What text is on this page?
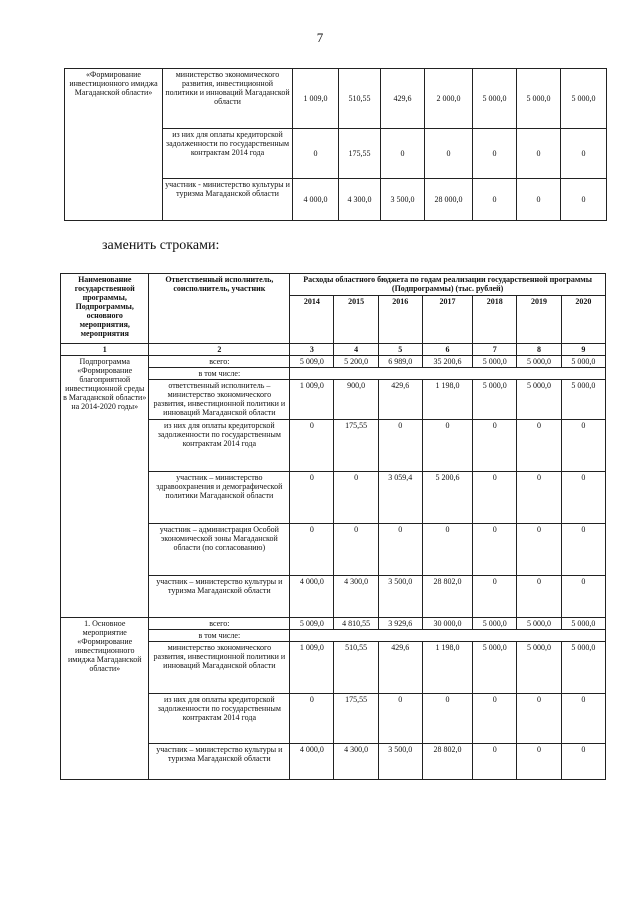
7
«Формирование инвестиционного имиджа Магаданской области»	министерство экономического развития, инвестиционной политики и инноваций Магаданской области	1 009,0	510,55	429,6	2 000,0	5 000,0	5 000,0	5 000,0
	из них для оплаты кредиторской задолженности по государственным контрактам 2014 года	0	175,55	0	0	0	0	0
	участник - министерство культуры и туризма Магаданской области	4 000,0	4 300,0	3 500,0	28 000,0	0	0	0
заменить строками:
Наименование государственной программы, Подпрограммы, основного мероприятия, мероприятия	Ответственный исполнитель, соисполнитель, участник	Расходы областного бюджета по годам реализации государственной программы (Подпрограммы) (тыс. рублей)						
		2014	2015	2016	2017	2018	2019	2020
1	2	3	4	5	6	7	8	9
Подпрограмма «Формирование благоприятной инвестиционной среды в Магаданской области» на 2014-2020 годы»	всего:	5 009,0	5 200,0	6 989,0	35 200,6	5 000,0	5 000,0	5 000,0
	в том числе:							
	ответственный исполнитель – министерство экономического развития, инвестиционной политики и инноваций Магаданской области	1 009,0	900,0	429,6	1 198,0	5 000,0	5 000,0	5 000,0
	из них для оплаты кредиторской задолженности по государственным контрактам 2014 года	0	175,55	0	0	0	0	0
	участник – министерство здравоохранения и демографической политики Магаданской области	0	0	3 059,4	5 200,6	0	0	0
	участник – администрация Особой экономической зоны Магаданской области (по согласованию)	0	0	0	0	0	0	0
	участник – министерство культуры и туризма Магаданской области	4 000,0	4 300,0	3 500,0	28 802,0	0	0	0
1. Основное мероприятие «Формирование инвестиционного имиджа Магаданской области»	всего:	5 009,0	4 810,55	3 929,6	30 000,0	5 000,0	5 000,0	5 000,0
	в том числе:							
	министерство экономического развития, инвестиционной политики и инноваций Магаданской области	1 009,0	510,55	429,6	1 198,0	5 000,0	5 000,0	5 000,0
	из них для оплаты кредиторской задолженности по государственным контрактам 2014 года	0	175,55	0	0	0	0	0
	участник – министерство культуры и туризма Магаданской области	4 000,0	4 300,0	3 500,0	28 802,0	0	0	0
